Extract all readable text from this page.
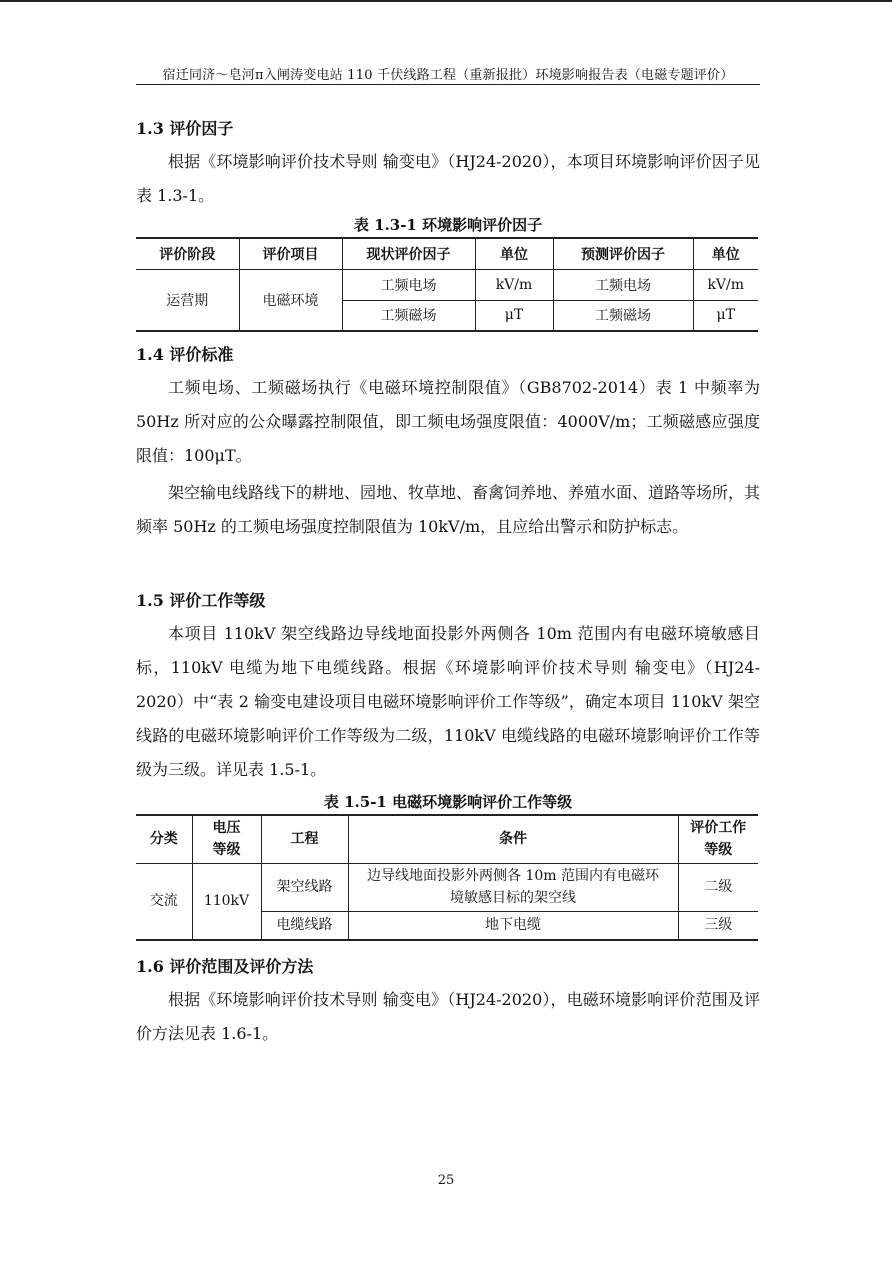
宿迁同济～皂河π入闸涛变电站 110 千伏线路工程（重新报批）环境影响报告表（电磁专题评价）
1.3 评价因子
根据《环境影响评价技术导则 输变电》（HJ24-2020），本项目环境影响评价因子见表 1.3-1。
表 1.3-1 环境影响评价因子
评价阶段	评价项目	现状评价因子	单位	预测评价因子	单位
运营期	电磁环境	工频电场	kV/m	工频电场	kV/m
		工频磁场	μT	工频磁场	μT
1.4 评价标准
工频电场、工频磁场执行《电磁环境控制限值》（GB8702-2014）表 1 中频率为 50Hz 所对应的公众曝露控制限值，即工频电场强度限值：4000V/m；工频磁感应强度限值：100μT。
架空输电线路线下的耕地、园地、牧草地、畜禽饲养地、养殖水面、道路等场所，其频率 50Hz 的工频电场强度控制限值为 10kV/m，且应给出警示和防护标志。
1.5 评价工作等级
本项目 110kV 架空线路边导线地面投影外两侧各 10m 范围内有电磁环境敏感目标，110kV 电缆为地下电缆线路。根据《环境影响评价技术导则 输变电》（HJ24-2020）中“表 2 输变电建设项目电磁环境影响评价工作等级”，确定本项目 110kV 架空线路的电磁环境影响评价工作等级为二级，110kV 电缆线路的电磁环境影响评价工作等级为三级。详见表 1.5-1。
表 1.5-1 电磁环境影响评价工作等级
分类	电压等级	工程	条件	评价工作等级

交流	110kV	架空线路	边导线地面投影外两侧各 10m 范围内有电磁环境敏感目标的架空线	二级
		电缆线路	地下电缆	三级
1.6 评价范围及评价方法
根据《环境影响评价技术导则 输变电》（HJ24-2020），电磁环境影响评价范围及评价方法见表 1.6-1。
25
